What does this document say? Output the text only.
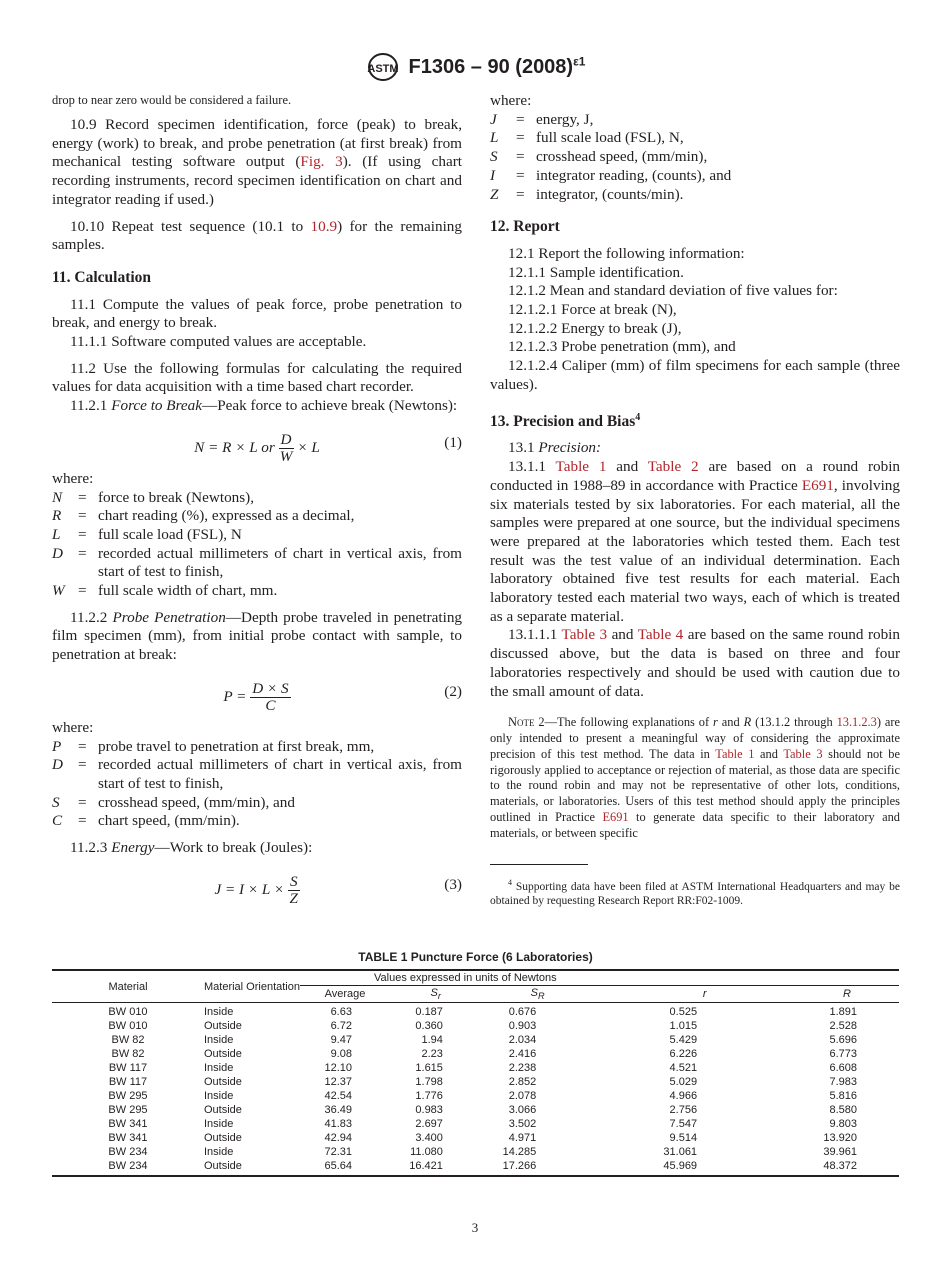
ASTM F1306 – 90 $(2008)^{\varepsilon 1}$

drop to near zero would be considered a failure.

10.9 Record specimen identification, force (peak) to break, energy (work) to break, and probe penetration (at first break) from mechanical testing software output (Fig. 3). (If using chart recording instruments, record specimen identification on chart and integrator reading if used.)

10.10 Repeat test sequence (10.1 to 10.9) for the remaining samples.

11. Calculation

11.1 Compute the values of peak force, probe penetration to break, and energy to break.

11.1.1 Software computed values are acceptable.

11.2 Use the following formulas for calculating the required values for data acquisition with a time based chart recorder.

11.2.1 Force to Break—Peak force to achieve break (Newtons):

N = R × L or $\frac{D}{W} \times L$	(1)

where:

N	= force to break (Newtons),
R	= chart reading (%), expressed as a decimal,
L	= full scale load (FSL), N
D = recorded actual millimeters of chart in vertical axis, from start of test to finish,
W = full scale width of chart, mm.

11.2.2 Probe Penetration—Depth probe traveled in penetrating film specimen (mm), from initial probe contact with sample, to penetration at break:

$P = \frac{D \times S}{C}$	(2)

where:

P	= probe travel to penetration at first break, mm,
D = recorded actual millimeters of chart in vertical axis, from start of test to finish,
S	= crosshead speed, (mm/min), and
C	= chart speed, (mm/min).

11.2.3 Energy—Work to break (Joules):

$J = I \times L \times \frac{S}{Z}$	(3)

where:

J	= energy, J,
L	= full scale load (FSL), N,
S	= crosshead speed, (mm/min),
I	= integrator reading, (counts), and
Z	= integrator, (counts/min).
12. Report

12.1 Report the following information:

12.1.1 Sample identification.

12.1.2 Mean and standard deviation of five values for:

12.1.2.1 Force at break (N),

12.1.2.2 Energy to break (J),

12.1.2.3 Probe penetration (mm), and

12.1.2.4 Caliper (mm) of film specimens for each sample (three values).

13. Precision and Bias$^4$

13.1 Precision:

13.1.1 Table 1 and Table 2 are based on a round robin conducted in 1988–89 in accordance with Practice E691, involving six materials tested by six laboratories. For each material, all the samples were prepared at one source, but the individual specimens were prepared at the laboratories which tested them. Each test result was the test value of an individual determination. Each laboratory obtained five test results for each material. Each laboratory tested each material two ways, each of which is treated as a separate material.

13.1.1.1 Table 3 and Table 4 are based on the same round robin discussed above, but the data is based on three and four laboratories respectively and should be used with caution due to the small amount of data.

Note 2—The following explanations of r and R (13.1.2 through 13.1.2.3) are only intended to present a meaningful way of considering the approximate precision of this test method. The data in Table 1 and Table 3 should not be rigorously applied to acceptance or rejection of material, as those data are specific to the round robin and may not be representative of other lots, conditions, materials, or laboratories. Users of this test method should apply the principles outlined in Practice E691 to generate data specific to their laboratory and materials, or between specific

$^4$ Supporting data have been filed at ASTM International Headquarters and may be obtained by requesting Research Report RR:F02-1009.

TABLE 1 Puncture Force (6 Laboratories)
Material	Material Orientation	Values expressed in units of Newtons				
		Average	$S_r$	$S_R$	r	R
BW 010	Inside	6.63	0.187	0.676	0.525	1.891
BW 010	Outside	6.72	0.360	0.903	1.015	2.528
BW 82	Inside	9.47	1.94	2.034	5.429	5.696
BW 82	Outside	9.08	2.23	2.416	6.226	6.773
BW 117	Inside	12.10	1.615	2.238	4.521	6.608
BW 117	Outside	12.37	1.798	2.852	5.029	7.983
BW 295	Inside	42.54	1.776	2.078	4.966	5.816
BW 295	Outside	36.49	0.983	3.066	2.756	8.580
BW 341	Inside	41.83	2.697	3.502	7.547	9.803
BW 341	Outside	42.94	3.400	4.971	9.514	13.920
BW 234	Inside	72.31	11.080	14.285	31.061	39.961
BW 234	Outside	65.64	16.421	17.266	45.969	48.372
3
